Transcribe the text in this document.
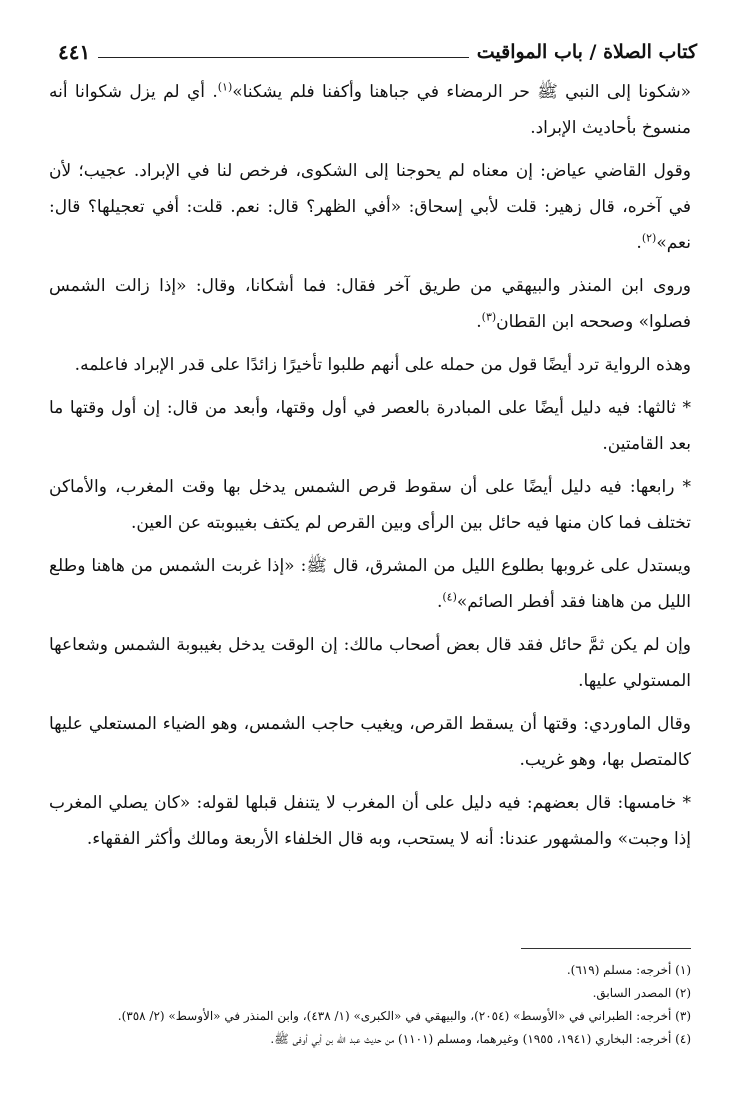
كتاب الصلاة / باب المواقيت
٤٤١

«شكونا إلى النبي ﷺ حر الرمضاء في جباهنا وأكفنا فلم يشكنا»$^{(١)}$. أي لم يزل شكوانا أنه منسوخ بأحاديث الإبراد.

وقول القاضي عياض: إن معناه لم يحوجنا إلى الشكوى، فرخص لنا في الإبراد. عجيب؛ لأن في آخره، قال زهير: قلت لأبي إسحاق: «أفي الظهر؟ قال: نعم. قلت: أفي تعجيلها؟ قال: نعم»$^{(٢)}$.

وروى ابن المنذر والبيهقي من طريق آخر فقال: فما أشكانا، وقال: «إذا زالت الشمس فصلوا» وصححه ابن القطان$^{(٣)}$.

وهذه الرواية ترد أيضًا قول من حمله على أنهم طلبوا تأخيرًا زائدًا على قدر الإبراد فاعلمه.

* ثالثها: فيه دليل أيضًا على المبادرة بالعصر في أول وقتها، وأبعد من قال: إن أول وقتها ما بعد القامتين.

* رابعها: فيه دليل أيضًا على أن سقوط قرص الشمس يدخل بها وقت المغرب، والأماكن تختلف فما كان منها فيه حائل بين الرأى وبين القرص لم يكتف بغيبوبته عن العين.

ويستدل على غروبها بطلوع الليل من المشرق، قال ﷺ: «إذا غربت الشمس من هاهنا وطلع الليل من هاهنا فقد أفطر الصائم»$^{(٤)}$.

وإن لم يكن ثمَّ حائل فقد قال بعض أصحاب مالك: إن الوقت يدخل بغيبوبة الشمس وشعاعها المستولي عليها.

وقال الماوردي: وقتها أن يسقط القرص، ويغيب حاجب الشمس، وهو الضياء المستعلي عليها كالمتصل بها، وهو غريب.

* خامسها: قال بعضهم: فيه دليل على أن المغرب لا يتنفل قبلها لقوله: «كان يصلي المغرب إذا وجبت» والمشهور عندنا: أنه لا يستحب، وبه قال الخلفاء الأربعة ومالك وأكثر الفقهاء.

(١) أخرجه: مسلم (٦١٩).

(٢) المصدر السابق.

(٣) أخرجه: الطبراني في «الأوسط» (٢٠٥٤)، والبيهقي في «الكبرى» (١/ ٤٣٨)، وابن المنذر في «الأوسط» (٢/ ٣٥٨).

(٤) أخرجه: البخاري (١٩٤١، ١٩٥٥) وغيرهما، ومسلم (١١٠١) من حديث عبد الله بن أبي أوفى ﷺ.
